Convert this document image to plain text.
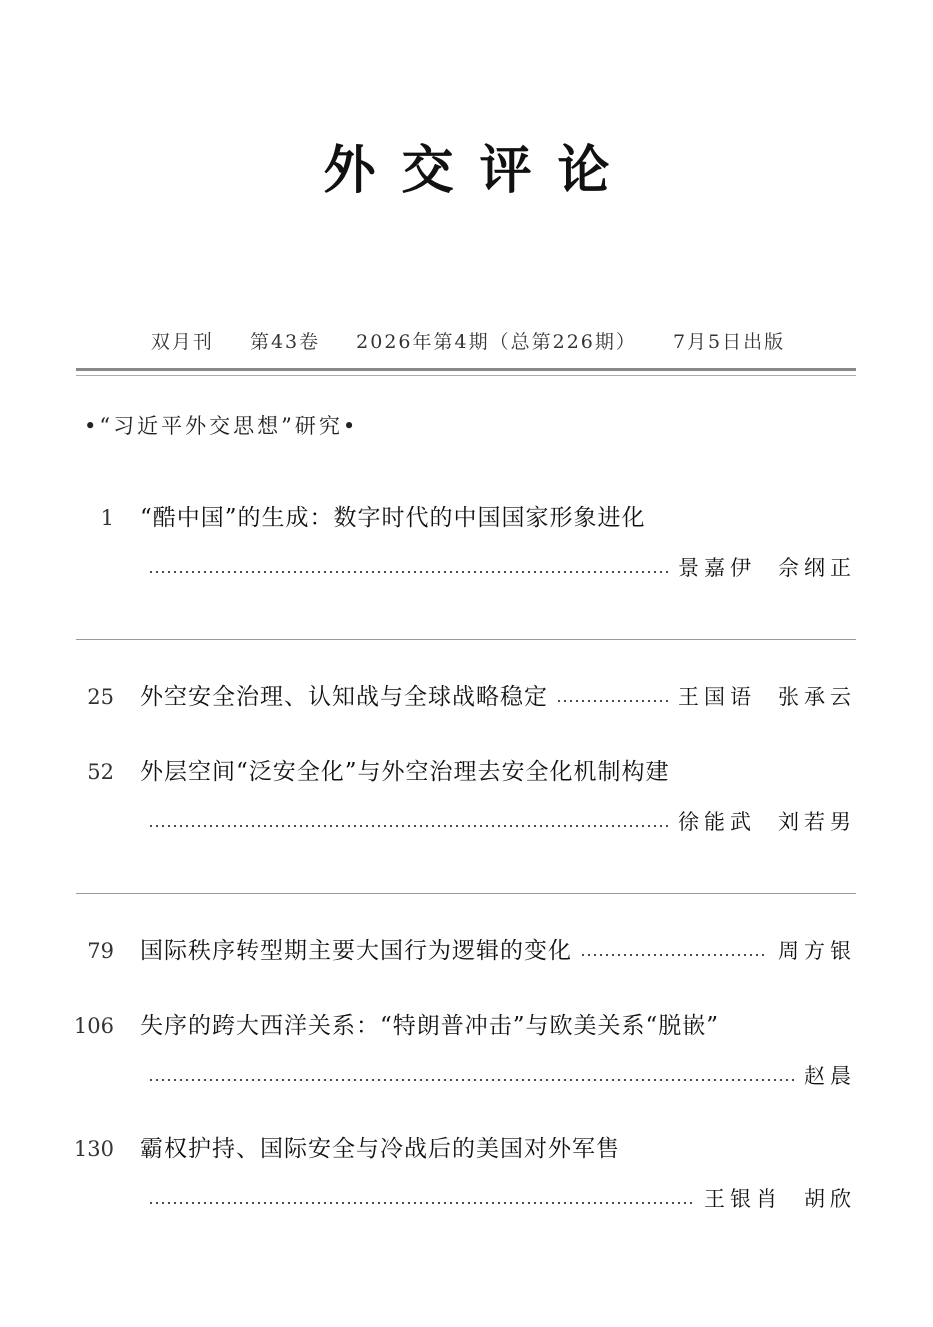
外交评论
双月刊 第43卷 2026年第4期（总第226期） 7月5日出版
•“习近平外交思想”研究•
1 “酷中国”的生成：数字时代的中国国家形象进化
景嘉伊 佘纲正
25 外空安全治理、认知战与全球战略稳定	王国语 张承云
52 外层空间“泛安全化”与外空治理去安全化机制构建
徐能武 刘若男
79 国际秩序转型期主要大国行为逻辑的变化	周方银
106 失序的跨大西洋关系：“特朗普冲击”与欧美关系“脱嵌”
赵晨
130 霸权护持、国际安全与冷战后的美国对外军售
王银肖 胡欣
